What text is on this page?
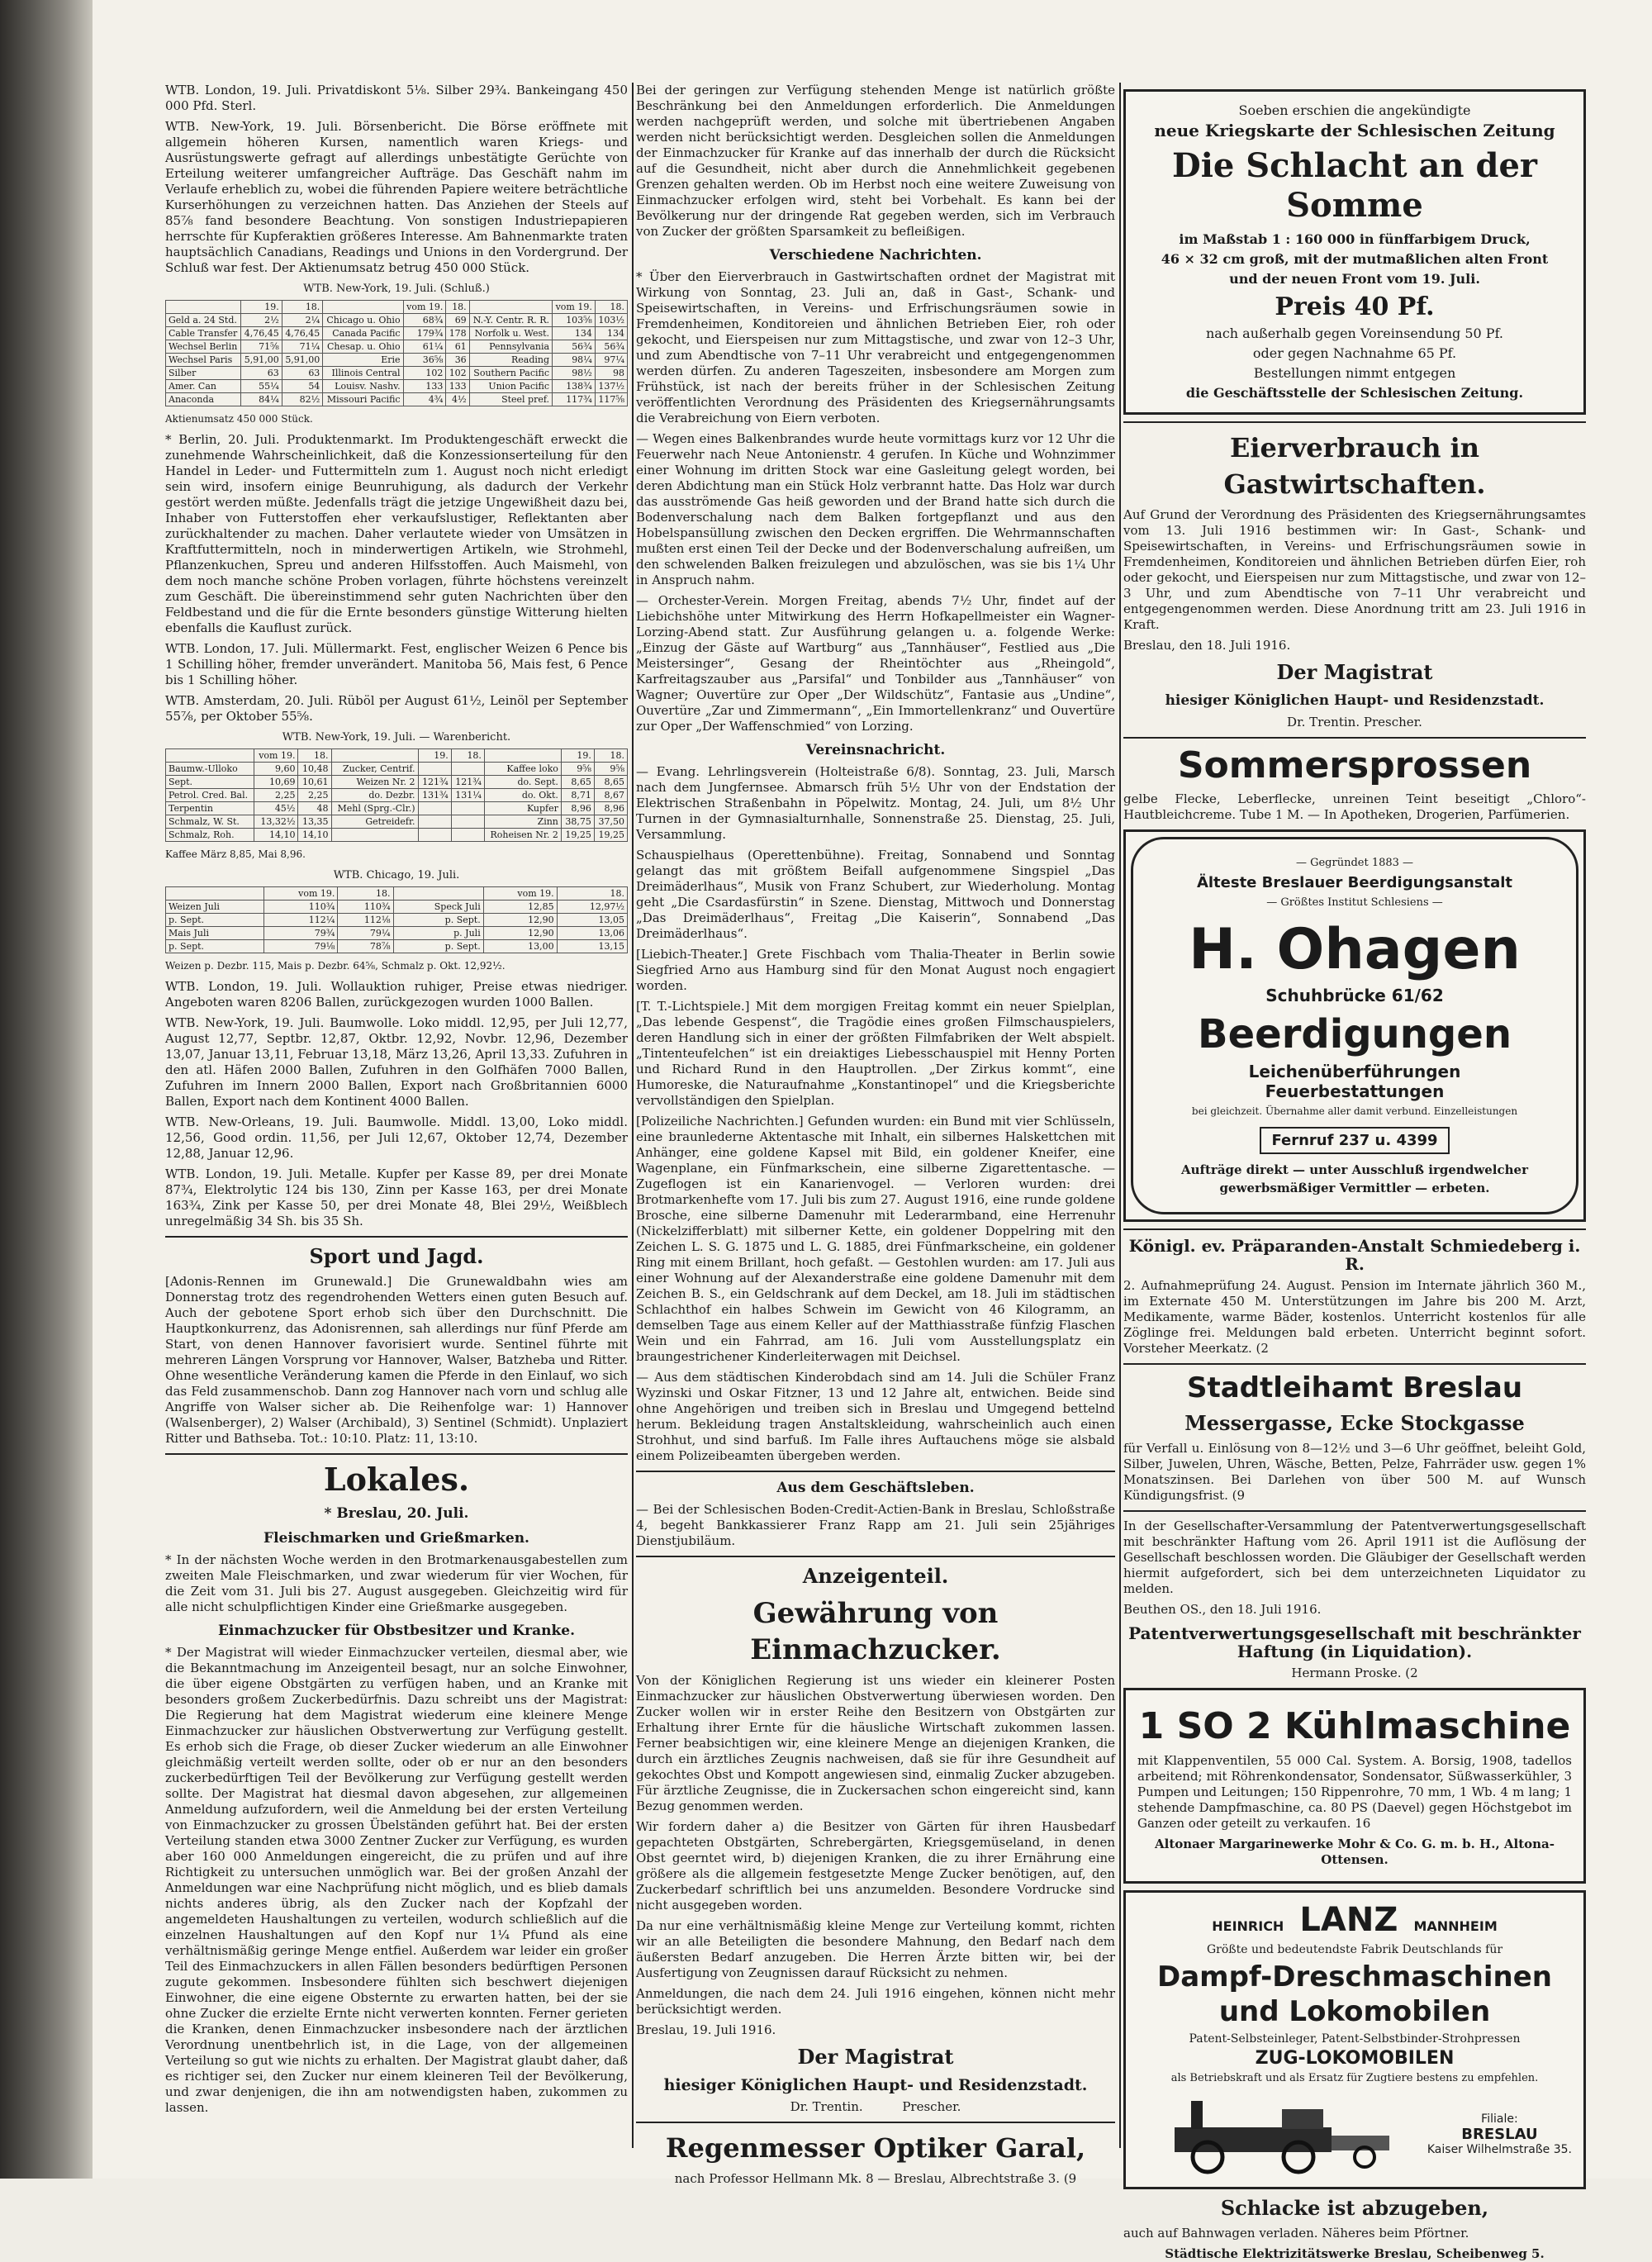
WTB. London, 19. Juli. Privatdiskont 5⅛. Silber 29¾. Bankeingang 450 000 Pfd. Sterl.

WTB. New-York, 19. Juli. Börsenbericht. Die Börse eröffnete mit allgemein höheren Kursen, namentlich waren Kriegs- und Ausrüstungswerte gefragt auf allerdings unbestätigte Gerüchte von Erteilung weiterer umfangreicher Aufträge. Das Geschäft nahm im Verlaufe erheblich zu, wobei die führenden Papiere weitere beträchtliche Kurserhöhungen zu verzeichnen hatten. Das Anziehen der Steels auf 85⅞ fand besondere Beachtung. Von sonstigen Industriepapieren herrschte für Kupferaktien größeres Interesse. Am Bahnenmarkte traten hauptsächlich Canadians, Readings und Unions in den Vordergrund. Der Schluß war fest. Der Aktienumsatz betrug 450 000 Stück.

WTB. New-York, 19. Juli. (Schluß.)

	19.	18.		vom 19.	18.		vom 19.	18.
Geld a. 24 Std.	2½	2¼	Chicago u. Ohio	68¾	69	N.-Y. Centr. R. R.	103⅝	103½
Cable Transfer	4,76,45	4,76,45	Canada Pacific	179¾	178	Norfolk u. West.	134	134
Wechsel Berlin	71⅝	71¼	Chesap. u. Ohio	61¼	61	Pennsylvania	56¾	56¾
Wechsel Paris	5,91,00	5,91,00	Erie	36⅝	36	Reading	98¼	97¼
Silber	63	63	Illinois Central	102	102	Southern Pacific	98½	98
Amer. Can	55¼	54	Louisv. Nashv.	133	133	Union Pacific	138¾	137½
Anaconda	84¼	82½	Missouri Pacific	4¾	4½	Steel pref.	117¾	117⅝

Aktienumsatz 450 000 Stück.

* Berlin, 20. Juli. Produktenmarkt. Im Produktengeschäft erweckt die zunehmende Wahrscheinlichkeit, daß die Konzessionserteilung für den Handel in Leder- und Futtermitteln zum 1. August noch nicht erledigt sein wird, insofern einige Beunruhigung, als dadurch der Verkehr gestört werden müßte. Jedenfalls trägt die jetzige Ungewißheit dazu bei, Inhaber von Futterstoffen eher verkaufslustiger, Reflektanten aber zurückhaltender zu machen. Daher verlautete wieder von Umsätzen in Kraftfuttermitteln, noch in minderwertigen Artikeln, wie Strohmehl, Pflanzenkuchen, Spreu und anderen Hilfsstoffen. Auch Maismehl, von dem noch manche schöne Proben vorlagen, führte höchstens vereinzelt zum Geschäft. Die übereinstimmend sehr guten Nachrichten über den Feldbestand und die für die Ernte besonders günstige Witterung hielten ebenfalls die Kauflust zurück.

WTB. London, 17. Juli. Müllermarkt. Fest, englischer Weizen 6 Pence bis 1 Schilling höher, fremder unverändert. Manitoba 56, Mais fest, 6 Pence bis 1 Schilling höher.

WTB. Amsterdam, 20. Juli. Rüböl per August 61½, Leinöl per September 55⅞, per Oktober 55⅝.

WTB. New-York, 19. Juli. — Warenbericht.

	vom 19.	18.		19.	18.		19.	18.
Baumw.-Ulloko	9,60	10,48	Zucker, Centrif.			Kaffee loko	9⅝	9⅝
Sept.	10,69	10,61	Weizen Nr. 2	121¾	121¾	do. Sept.	8,65	8,65
Petrol. Cred. Bal.	2,25	2,25	do. Dezbr.	131¾	131¼	do. Okt.	8,71	8,67
Terpentin	45½	48	Mehl (Sprg.-Clr.)			Kupfer	8,96	8,96
Schmalz, W. St.	13,32½	13,35	Getreidefr.			Zinn	38,75	37,50
Schmalz, Roh.	14,10	14,10				Roheisen Nr. 2	19,25	19,25

Kaffee März 8,85, Mai 8,96.

WTB. Chicago, 19. Juli.

	vom 19.	18.		vom 19.	18.
Weizen Juli	110¾	110¾	Speck Juli	12,85	12,97½
p. Sept.	112¼	112⅛	p. Sept.	12,90	13,05
Mais Juli	79¾	79¼	p. Juli	12,90	13,06
p. Sept.	79⅛	78⅞	p. Sept.	13,00	13,15

Weizen p. Dezbr. 115, Mais p. Dezbr. 64⅝, Schmalz p. Okt. 12,92½.

WTB. London, 19. Juli. Wollauktion ruhiger, Preise etwas niedriger. Angeboten waren 8206 Ballen, zurückgezogen wurden 1000 Ballen.

WTB. New-York, 19. Juli. Baumwolle. Loko middl. 12,95, per Juli 12,77, August 12,77, Septbr. 12,87, Oktbr. 12,92, Novbr. 12,96, Dezember 13,07, Januar 13,11, Februar 13,18, März 13,26, April 13,33. Zufuhren in den atl. Häfen 2000 Ballen, Zufuhren in den Golfhäfen 7000 Ballen, Zufuhren im Innern 2000 Ballen, Export nach Großbritannien 6000 Ballen, Export nach dem Kontinent 4000 Ballen.

WTB. New-Orleans, 19. Juli. Baumwolle. Middl. 13,00, Loko middl. 12,56, Good ordin. 11,56, per Juli 12,67, Oktober 12,74, Dezember 12,88, Januar 12,96.

WTB. London, 19. Juli. Metalle. Kupfer per Kasse 89, per drei Monate 87¾, Elektrolytic 124 bis 130, Zinn per Kasse 163, per drei Monate 163¾, Zink per Kasse 50, per drei Monate 48, Blei 29½, Weißblech unregelmäßig 34 Sh. bis 35 Sh.

Sport und Jagd.

[Adonis-Rennen im Grunewald.] Die Grunewaldbahn wies am Donnerstag trotz des regendrohenden Wetters einen guten Besuch auf. Auch der gebotene Sport erhob sich über den Durchschnitt. Die Hauptkonkurrenz, das Adonisrennen, sah allerdings nur fünf Pferde am Start, von denen Hannover favorisiert wurde. Sentinel führte mit mehreren Längen Vorsprung vor Hannover, Walser, Batzheba und Ritter. Ohne wesentliche Veränderung kamen die Pferde in den Einlauf, wo sich das Feld zusammenschob. Dann zog Hannover nach vorn und schlug alle Angriffe von Walser sicher ab. Die Reihenfolge war: 1) Hannover (Walsenberger), 2) Walser (Archibald), 3) Sentinel (Schmidt). Unplaziert Ritter und Bathseba. Tot.: 10:10. Platz: 11, 13:10.

Lokales.
* Breslau, 20. Juli.
Fleischmarken und Grießmarken.

* In der nächsten Woche werden in den Brotmarkenausgabestellen zum zweiten Male Fleischmarken, und zwar wiederum für vier Wochen, für die Zeit vom 31. Juli bis 27. August ausgegeben. Gleichzeitig wird für alle nicht schulpflichtigen Kinder eine Grießmarke ausgegeben.

Einmachzucker für Obstbesitzer und Kranke.

* Der Magistrat will wieder Einmachzucker verteilen, diesmal aber, wie die Bekanntmachung im Anzeigenteil besagt, nur an solche Einwohner, die über eigene Obstgärten zu verfügen haben, und an Kranke mit besonders großem Zuckerbedürfnis. Dazu schreibt uns der Magistrat: Die Regierung hat dem Magistrat wiederum eine kleinere Menge Einmachzucker zur häuslichen Obstverwertung zur Verfügung gestellt. Es erhob sich die Frage, ob dieser Zucker wiederum an alle Einwohner gleichmäßig verteilt werden sollte, oder ob er nur an den besonders zuckerbedürftigen Teil der Bevölkerung zur Verfügung gestellt werden sollte. Der Magistrat hat diesmal davon abgesehen, zur allgemeinen Anmeldung aufzufordern, weil die Anmeldung bei der ersten Verteilung von Einmachzucker zu grossen Übelständen geführt hat. Bei der ersten Verteilung standen etwa 3000 Zentner Zucker zur Verfügung, es wurden aber 160 000 Anmeldungen eingereicht, die zu prüfen und auf ihre Richtigkeit zu untersuchen unmöglich war. Bei der großen Anzahl der Anmeldungen war eine Nachprüfung nicht möglich, und es blieb damals nichts anderes übrig, als den Zucker nach der Kopfzahl der angemeldeten Haushaltungen zu verteilen, wodurch schließlich auf die einzelnen Haushaltungen auf den Kopf nur 1¼ Pfund als eine verhältnismäßig geringe Menge entfiel. Außerdem war leider ein großer Teil des Einmachzuckers in allen Fällen besonders bedürftigen Personen zugute gekommen. Insbesondere fühlten sich beschwert diejenigen Einwohner, die eine eigene Obsternte zu erwarten hatten, bei der sie ohne Zucker die erzielte Ernte nicht verwerten konnten. Ferner gerieten die Kranken, denen Einmachzucker insbesondere nach der ärztlichen Verordnung unentbehrlich ist, in die Lage, von der allgemeinen Verteilung so gut wie nichts zu erhalten. Der Magistrat glaubt daher, daß es richtiger sei, den Zucker nur einem kleineren Teil der Bevölkerung, und zwar denjenigen, die ihn am notwendigsten haben, zukommen zu lassen.

Bei der geringen zur Verfügung stehenden Menge ist natürlich größte Beschränkung bei den Anmeldungen erforderlich. Die Anmeldungen werden nachgeprüft werden, und solche mit übertriebenen Angaben werden nicht berücksichtigt werden. Desgleichen sollen die Anmeldungen der Einmachzucker für Kranke auf das innerhalb der durch die Rücksicht auf die Gesundheit, nicht aber durch die Annehmlichkeit gegebenen Grenzen gehalten werden. Ob im Herbst noch eine weitere Zuweisung von Einmachzucker erfolgen wird, steht bei Vorbehalt. Es kann bei der Bevölkerung nur der dringende Rat gegeben werden, sich im Verbrauch von Zucker der größten Sparsamkeit zu befleißigen.

Verschiedene Nachrichten.

* Über den Eierverbrauch in Gastwirtschaften ordnet der Magistrat mit Wirkung von Sonntag, 23. Juli an, daß in Gast-, Schank- und Speisewirtschaften, in Vereins- und Erfrischungsräumen sowie in Fremdenheimen, Konditoreien und ähnlichen Betrieben Eier, roh oder gekocht, und Eierspeisen nur zum Mittagstische, und zwar von 12–3 Uhr, und zum Abendtische von 7–11 Uhr verabreicht und entgegengenommen werden dürfen. Zu anderen Tageszeiten, insbesondere am Morgen zum Frühstück, ist nach der bereits früher in der Schlesischen Zeitung veröffentlichten Verordnung des Präsidenten des Kriegsernährungsamts die Verabreichung von Eiern verboten.

— Wegen eines Balkenbrandes wurde heute vormittags kurz vor 12 Uhr die Feuerwehr nach Neue Antonienstr. 4 gerufen. In Küche und Wohnzimmer einer Wohnung im dritten Stock war eine Gasleitung gelegt worden, bei deren Abdichtung man ein Stück Holz verbrannt hatte. Das Holz war durch das ausströmende Gas heiß geworden und der Brand hatte sich durch die Bodenverschalung nach dem Balken fortgepflanzt und aus den Hobelspansüllung zwischen den Decken ergriffen. Die Wehrmannschaften mußten erst einen Teil der Decke und der Bodenverschalung aufreißen, um den schwelenden Balken freizulegen und abzulöschen, was sie bis 1¼ Uhr in Anspruch nahm.

— Orchester-Verein. Morgen Freitag, abends 7½ Uhr, findet auf der Liebichshöhe unter Mitwirkung des Herrn Hofkapellmeister ein Wagner-Lorzing-Abend statt. Zur Ausführung gelangen u. a. folgende Werke: „Einzug der Gäste auf Wartburg“ aus „Tannhäuser“, Festlied aus „Die Meistersinger“, Gesang der Rheintöchter aus „Rheingold“, Karfreitagszauber aus „Parsifal“ und Tonbilder aus „Tannhäuser“ von Wagner; Ouvertüre zur Oper „Der Wildschütz“, Fantasie aus „Undine“, Ouvertüre „Zar und Zimmermann“, „Ein Immortellenkranz“ und Ouvertüre zur Oper „Der Waffenschmied“ von Lorzing.

Vereinsnachricht.

— Evang. Lehrlingsverein (Holteistraße 6/8). Sonntag, 23. Juli, Marsch nach dem Jungfernsee. Abmarsch früh 5½ Uhr von der Endstation der Elektrischen Straßenbahn in Pöpelwitz. Montag, 24. Juli, um 8½ Uhr Turnen in der Gymnasialturnhalle, Sonnenstraße 25. Dienstag, 25. Juli, Versammlung.

Schauspielhaus (Operettenbühne). Freitag, Sonnabend und Sonntag gelangt das mit größtem Beifall aufgenommene Singspiel „Das Dreimäderlhaus“, Musik von Franz Schubert, zur Wiederholung. Montag geht „Die Csardasfürstin“ in Szene. Dienstag, Mittwoch und Donnerstag „Das Dreimäderlhaus“, Freitag „Die Kaiserin“, Sonnabend „Das Dreimäderlhaus“.

[Liebich-Theater.] Grete Fischbach vom Thalia-Theater in Berlin sowie Siegfried Arno aus Hamburg sind für den Monat August noch engagiert worden.

[T. T.-Lichtspiele.] Mit dem morgigen Freitag kommt ein neuer Spielplan, „Das lebende Gespenst“, die Tragödie eines großen Filmschauspielers, deren Handlung sich in einer der größten Filmfabriken der Welt abspielt. „Tintenteufelchen“ ist ein dreiaktiges Liebesschauspiel mit Henny Porten und Richard Rund in den Hauptrollen. „Der Zirkus kommt“, eine Humoreske, die Naturaufnahme „Konstantinopel“ und die Kriegsberichte vervollständigen den Spielplan.

[Polizeiliche Nachrichten.] Gefunden wurden: ein Bund mit vier Schlüsseln, eine braunlederne Aktentasche mit Inhalt, ein silbernes Halskettchen mit Anhänger, eine goldene Kapsel mit Bild, ein goldener Kneifer, eine Wagenplane, ein Fünfmarkschein, eine silberne Zigarettentasche. — Zugeflogen ist ein Kanarienvogel. — Verloren wurden: drei Brotmarkenhefte vom 17. Juli bis zum 27. August 1916, eine runde goldene Brosche, eine silberne Damenuhr mit Lederarmband, eine Herrenuhr (Nickelzifferblatt) mit silberner Kette, ein goldener Doppelring mit den Zeichen L. S. G. 1875 und L. G. 1885, drei Fünfmarkscheine, ein goldener Ring mit einem Brillant, hoch gefaßt. — Gestohlen wurden: am 17. Juli aus einer Wohnung auf der Alexanderstraße eine goldene Damenuhr mit dem Zeichen B. S., ein Geldschrank auf dem Deckel, am 18. Juli im städtischen Schlachthof ein halbes Schwein im Gewicht von 46 Kilogramm, an demselben Tage aus einem Keller auf der Matthiasstraße fünfzig Flaschen Wein und ein Fahrrad, am 16. Juli vom Ausstellungsplatz ein braungestrichener Kinderleiterwagen mit Deichsel.

— Aus dem städtischen Kinderobdach sind am 14. Juli die Schüler Franz Wyzinski und Oskar Fitzner, 13 und 12 Jahre alt, entwichen. Beide sind ohne Angehörigen und treiben sich in Breslau und Umgegend bettelnd herum. Bekleidung tragen Anstaltskleidung, wahrscheinlich auch einen Strohhut, und sind barfuß. Im Falle ihres Auftauchens möge sie alsbald einem Polizeibeamten übergeben werden.

Aus dem Geschäftsleben.

— Bei der Schlesischen Boden-Credit-Actien-Bank in Breslau, Schloßstraße 4, begeht Bankkassierer Franz Rapp am 21. Juli sein 25jähriges Dienstjubiläum.

Anzeigenteil.
Gewährung von Einmachzucker.

Von der Königlichen Regierung ist uns wieder ein kleinerer Posten Einmachzucker zur häuslichen Obstverwertung überwiesen worden. Den Zucker wollen wir in erster Reihe den Besitzern von Obstgärten zur Erhaltung ihrer Ernte für die häusliche Wirtschaft zukommen lassen. Ferner beabsichtigen wir, eine kleinere Menge an diejenigen Kranken, die durch ein ärztliches Zeugnis nachweisen, daß sie für ihre Gesundheit auf gekochtes Obst und Kompott angewiesen sind, einmalig Zucker abzugeben. Für ärztliche Zeugnisse, die in Zuckersachen schon eingereicht sind, kann Bezug genommen werden.

Wir fordern daher a) die Besitzer von Gärten für ihren Hausbedarf gepachteten Obstgärten, Schrebergärten, Kriegsgemüseland, in denen Obst geerntet wird, b) diejenigen Kranken, die zu ihrer Ernährung eine größere als die allgemein festgesetzte Menge Zucker benötigen, auf, den Zuckerbedarf schriftlich bei uns anzumelden. Besondere Vordrucke sind nicht ausgegeben worden.

Da nur eine verhältnismäßig kleine Menge zur Verteilung kommt, richten wir an alle Beteiligten die besondere Mahnung, den Bedarf nach dem äußersten Bedarf anzugeben. Die Herren Ärzte bitten wir, bei der Ausfertigung von Zeugnissen darauf Rücksicht zu nehmen.

Anmeldungen, die nach dem 24. Juli 1916 eingehen, können nicht mehr berücksichtigt werden.

Breslau, 19. Juli 1916.

Der Magistrat
hiesiger Königlichen Haupt- und Residenzstadt.

Dr. Trentin.          Prescher.

Regenmesser Optiker Garal,

nach Professor Hellmann Mk. 8 — Breslau, Albrechtstraße 3. (9

Soeben erschien die angekündigte
neue Kriegskarte der Schlesischen Zeitung
Die Schlacht an der Somme
im Maßstab 1 : 160 000 in fünffarbigem Druck,
46 × 32 cm groß, mit der mutmaßlichen alten Front
und der neuen Front vom 19. Juli.
Preis 40 Pf.
nach außerhalb gegen Voreinsendung 50 Pf.
oder gegen Nachnahme 65 Pf.
Bestellungen nimmt entgegen
die Geschäftsstelle der Schlesischen Zeitung.
Eierverbrauch in Gastwirtschaften.

Auf Grund der Verordnung des Präsidenten des Kriegsernährungsamtes vom 13. Juli 1916 bestimmen wir: In Gast-, Schank- und Speisewirtschaften, in Vereins- und Erfrischungsräumen sowie in Fremdenheimen, Konditoreien und ähnlichen Betrieben dürfen Eier, roh oder gekocht, und Eierspeisen nur zum Mittagstische, und zwar von 12–3 Uhr, und zum Abendtische von 7–11 Uhr verabreicht und entgegengenommen werden. Diese Anordnung tritt am 23. Juli 1916 in Kraft.

Breslau, den 18. Juli 1916.

Der Magistrat
hiesiger Königlichen Haupt- und Residenzstadt.

Dr. Trentin. Prescher.

Sommersprossen

gelbe Flecke, Leberflecke, unreinen Teint beseitigt „Chloro“-Hautbleichcreme. Tube 1 M. — In Apotheken, Drogerien, Parfümerien.

— Gegründet 1883 —
Älteste Breslauer Beerdigungsanstalt
— Größtes Institut Schlesiens —
H. Ohagen
Schuhbrücke 61/62
Beerdigungen
Leichenüberführungen
Feuerbestattungen
bei gleichzeit. Übernahme aller damit verbund. Einzelleistungen
Fernruf 237 u. 4399
Aufträge direkt — unter Ausschluß irgendwelcher gewerbsmäßiger Vermittler — erbeten.
Königl. ev. Präparanden-Anstalt Schmiedeberg i. R.

2. Aufnahmeprüfung 24. August. Pension im Internate jährlich 360 M., im Externate 450 M. Unterstützungen im Jahre bis 200 M. Arzt, Medikamente, warme Bäder, kostenlos. Unterricht kostenlos für alle Zöglinge frei. Meldungen bald erbeten. Unterricht beginnt sofort. Vorsteher Meerkatz. (2

Stadtleihamt Breslau
Messergasse, Ecke Stockgasse

für Verfall u. Einlösung von 8—12½ und 3—6 Uhr geöffnet, beleiht Gold, Silber, Juwelen, Uhren, Wäsche, Betten, Pelze, Fahrräder usw. gegen 1% Monatszinsen. Bei Darlehen von über 500 M. auf Wunsch Kündigungsfrist. (9

In der Gesellschafter-Versammlung der Patentverwertungsgesellschaft mit beschränkter Haftung vom 26. April 1911 ist die Auflösung der Gesellschaft beschlossen worden. Die Gläubiger der Gesellschaft werden hiermit aufgefordert, sich bei dem unterzeichneten Liquidator zu melden.

Beuthen OS., den 18. Juli 1916.

Patentverwertungsgesellschaft mit beschränkter Haftung (in Liquidation).

Hermann Proske. (2

1 SO 2 Kühlmaschine

mit Klappenventilen, 55 000 Cal. System. A. Borsig, 1908, tadellos arbeitend; mit Röhrenkondensator, Sondensator, Süßwasserkühler, 3 Pumpen und Leitungen; 150 Rippenrohre, 70 mm, 1 Wb. 4 m lang; 1 stehende Dampfmaschine, ca. 80 PS (Daevel) gegen Höchstgebot im Ganzen oder geteilt zu verkaufen. 16

Altonaer Margarinewerke Mohr & Co. G. m. b. H., Altona-Ottensen.

HEINRICH LANZ MANNHEIM
Größte und bedeutendste Fabrik Deutschlands für
Dampf-Dreschmaschinen
und Lokomobilen
Patent-Selbsteinleger, Patent-Selbstbinder-Strohpressen
ZUG-LOKOMOBILEN
als Betriebskraft und als Ersatz für Zugtiere bestens zu empfehlen.
Filiale:
BRESLAU
Kaiser Wilhelmstraße 35.
Schlacke ist abzugeben,

auch auf Bahnwagen verladen. Näheres beim Pförtner.

Städtische Elektrizitätswerke Breslau, Scheibenweg 5.
